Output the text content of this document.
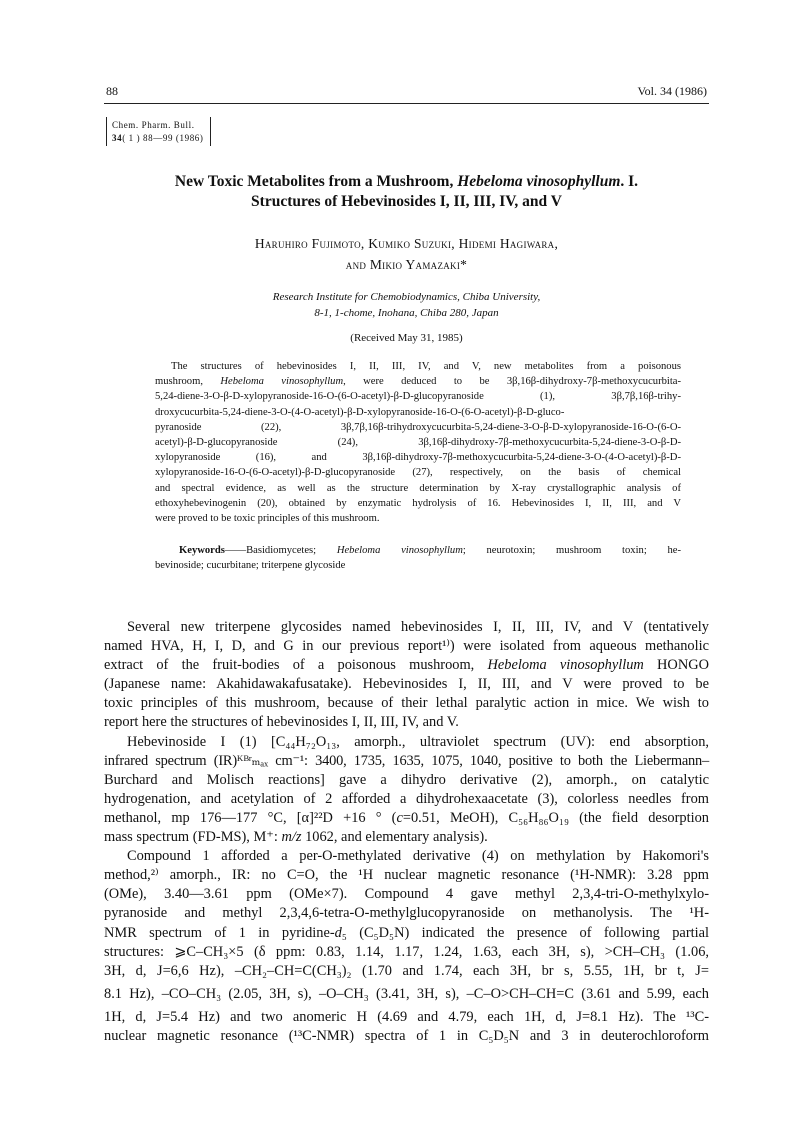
88	Vol. 34 (1986)
Chem. Pharm. Bull.
34( 1 ) 88—99 (1986)
New Toxic Metabolites from a Mushroom, Hebeloma vinosophyllum. I.
Structures of Hebevinosides I, II, III, IV, and V
Haruhiro Fujimoto, Kumiko Suzuki, Hidemi Hagiwara,
and Mikio Yamazaki*
Research Institute for Chemobiodynamics, Chiba University,
8-1, 1-chome, Inohana, Chiba 280, Japan
(Received May 31, 1985)
The structures of hebevinosides I, II, III, IV, and V, new metabolites from a poisonous
mushroom, Hebeloma vinosophyllum, were deduced to be 3β,16β-dihydroxy-7β-methoxycucurbita-
5,24-diene-3-O-β-D-xylopyranoside-16-O-(6-O-acetyl)-β-D-glucopyranoside (1), 3β,7β,16β-trihy-
droxycucurbita-5,24-diene-3-O-(4-O-acetyl)-β-D-xylopyranoside-16-O-(6-O-acetyl)-β-D-gluco-
pyranoside (22), 3β,7β,16β-trihydroxycucurbita-5,24-diene-3-O-β-D-xylopyranoside-16-O-(6-O-
acetyl)-β-D-glucopyranoside (24), 3β,16β-dihydroxy-7β-methoxycucurbita-5,24-diene-3-O-β-D-
xylopyranoside (16), and 3β,16β-dihydroxy-7β-methoxycucurbita-5,24-diene-3-O-(4-O-acetyl)-β-D-
xylopyranoside-16-O-(6-O-acetyl)-β-D-glucopyranoside (27), respectively, on the basis of chemical
and spectral evidence, as well as the structure determination by X-ray crystallographic analysis of
ethoxyhebevinogenin (20), obtained by enzymatic hydrolysis of 16. Hebevinosides I, II, III, and V
were proved to be toxic principles of this mushroom.
Keywords——Basidiomycetes; Hebeloma vinosophyllum; neurotoxin; mushroom toxin; he-
bevinoside; cucurbitane; triterpene glycoside
Several new triterpene glycosides named hebevinosides I, II, III, IV, and V (tentatively
named HVA, H, I, D, and G in our previous report¹⁾) were isolated from aqueous methanolic
extract of the fruit-bodies of a poisonous mushroom, Hebeloma vinosophyllum HONGO
(Japanese name: Akahidawakafusatake). Hebevinosides I, II, III, and V were proved to be
toxic principles of this mushroom, because of their lethal paralytic action in mice. We wish to
report here the structures of hebevinosides I, II, III, IV, and V.
Hebevinoside I (1) [C₄₄H₇₂O₁₃, amorph., ultraviolet spectrum (UV): end absorption,
infrared spectrum (IR)ᴷᴮʳₘₐₓ cm⁻¹: 3400, 1735, 1635, 1075, 1040, positive to both the Liebermann–
Burchard and Molisch reactions] gave a dihydro derivative (2), amorph., on catalytic
hydrogenation, and acetylation of 2 afforded a dihydrohexaacetate (3), colorless needles from
methanol, mp 176—177 °C, [α]²²D +16 ° (c=0.51, MeOH), C₅₆H₈₆O₁₉ (the field desorption
mass spectrum (FD-MS), M⁺: m/z 1062, and elementary analysis).
Compound 1 afforded a per-O-methylated derivative (4) on methylation by Hakomori's
method,²⁾ amorph., IR: no C=O, the ¹H nuclear magnetic resonance (¹H-NMR): 3.28 ppm
(OMe), 3.40—3.61 ppm (OMe×7). Compound 4 gave methyl 2,3,4-tri-O-methylxylo-
pyranoside and methyl 2,3,4,6-tetra-O-methylglucopyranoside on methanolysis. The ¹H-
NMR spectrum of 1 in pyridine-d₅ (C₅D₅N) indicated the presence of following partial
structures: ⩾C–CH₃×5 (δ ppm: 0.83, 1.14, 1.17, 1.24, 1.63, each 3H, s), >CH–CH₃ (1.06,
3H, d, J=6,6 Hz), –CH₂–CH=C(CH₃)₂ (1.70 and 1.74, each 3H, br s, 5.55, 1H, br t, J=
8.1 Hz), –CO–CH₃ (2.05, 3H, s), –O–CH₃ (3.41, 3H, s), –C–O>CH–CH=C (3.61 and 5.99, each
1H, d, J=5.4 Hz) and two anomeric H (4.69 and 4.79, each 1H, d, J=8.1 Hz). The ¹³C-
nuclear magnetic resonance (¹³C-NMR) spectra of 1 in C₅D₅N and 3 in deuterochloroform
